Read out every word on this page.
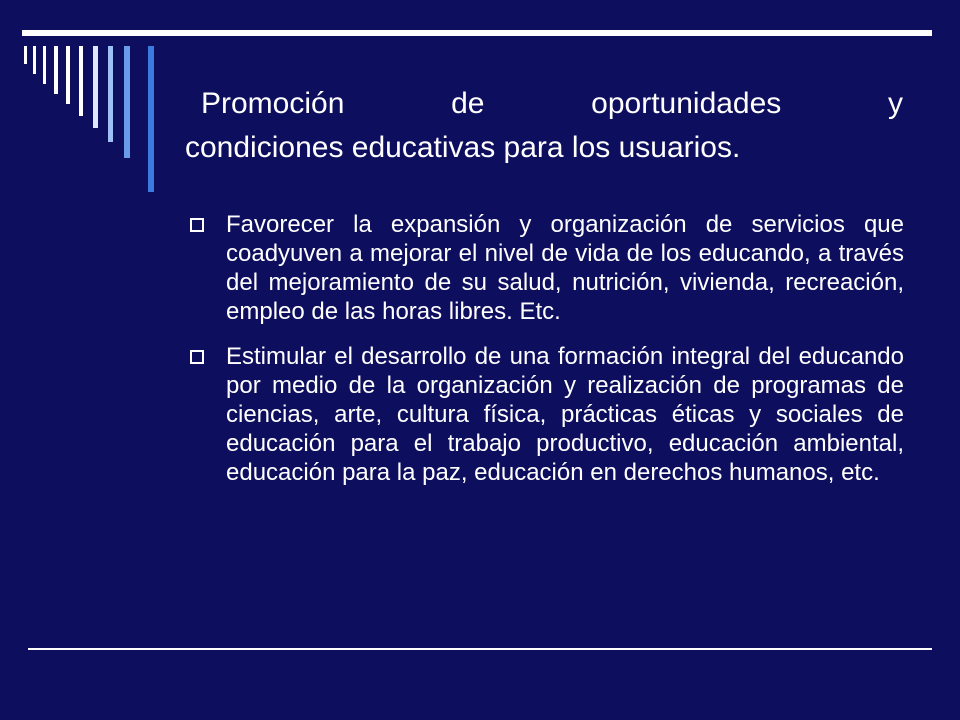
Promoción de oportunidades y
condiciones educativas para los usuarios.
Favorecer la expansión y organización de servicios que coadyuven a mejorar el nivel de vida de los educando, a través del mejoramiento de su salud, nutrición, vivienda, recreación, empleo de las horas libres. Etc.
Estimular el desarrollo de una formación integral del educando por medio de la organización y realización de programas de ciencias, arte, cultura física, prácticas éticas y sociales de educación para el trabajo productivo, educación ambiental, educación para la paz, educación en derechos humanos, etc.
